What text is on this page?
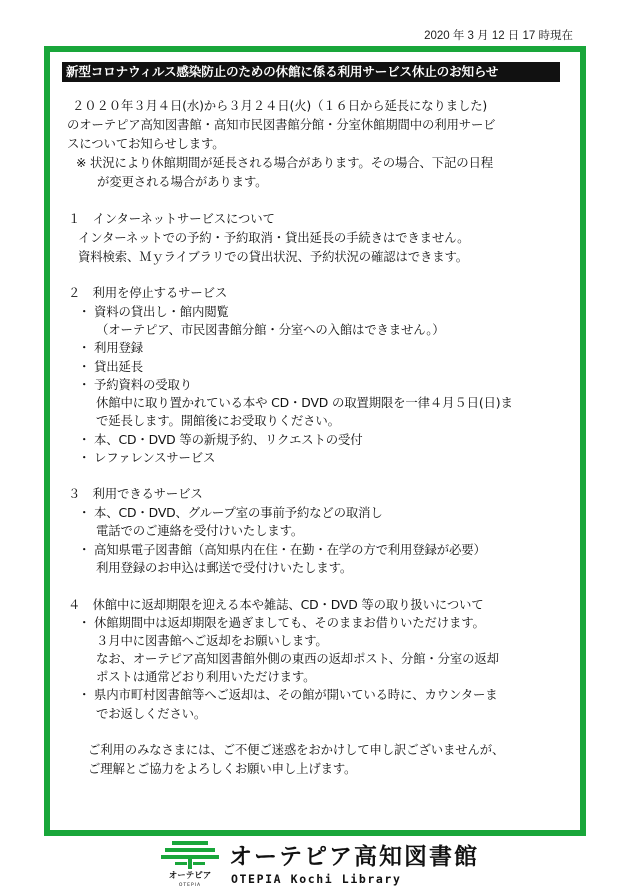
2020 年 3 月 12 日 17 時現在
新型コロナウィルス感染防止のための休館に係る利用サービス休止のお知らせ
２０２０年３月４日(水)から３月２４日(火)（１６日から延長になりました)
のオーテピア高知図書館・高知市民図書館分館・分室休館期間中の利用サービ
スについてお知らせします。
※ 状況により休館期間が延長される場合があります。その場合、下記の日程
が変更される場合があります。
１　インターネットサービスについて
インターネットでの予約・予約取消・貸出延長の手続きはできません。
資料検索、Ｍｙライブラリでの貸出状況、予約状況の確認はできます。
２　利用を停止するサービス
・ 資料の貸出し・館内閲覧
（オーテピア、市民図書館分館・分室への入館はできません。）
・ 利用登録
・ 貸出延長
・ 予約資料の受取り
休館中に取り置かれている本や CD・DVD の取置期限を一律４月５日(日)ま
で延長します。開館後にお受取りください。
・ 本、CD・DVD 等の新規予約、リクエストの受付
・ レファレンスサービス
３　利用できるサービス
・ 本、CD・DVD、グループ室の事前予約などの取消し
電話でのご連絡を受付けいたします。
・ 高知県電子図書館（高知県内在住・在勤・在学の方で利用登録が必要）
利用登録のお申込は郵送で受付けいたします。
４　休館中に返却期限を迎える本や雑誌、CD・DVD 等の取り扱いについて
・ 休館期間中は返却期限を過ぎましても、そのままお借りいただけます。
３月中に図書館へご返却をお願いします。
なお、オーテピア高知図書館外側の東西の返却ポスト、分館・分室の返却
ポストは通常どおり利用いただけます。
・ 県内市町村図書館等へご返却は、その館が開いている時に、カウンターま
でお返しください。
ご利用のみなさまには、ご不便ご迷惑をおかけして申し訳ございませんが、
ご理解とご協力をよろしくお願い申し上げます。
オーテピア
OTEPIA
オーテピア高知図書館
OTEPIA Kochi Library
